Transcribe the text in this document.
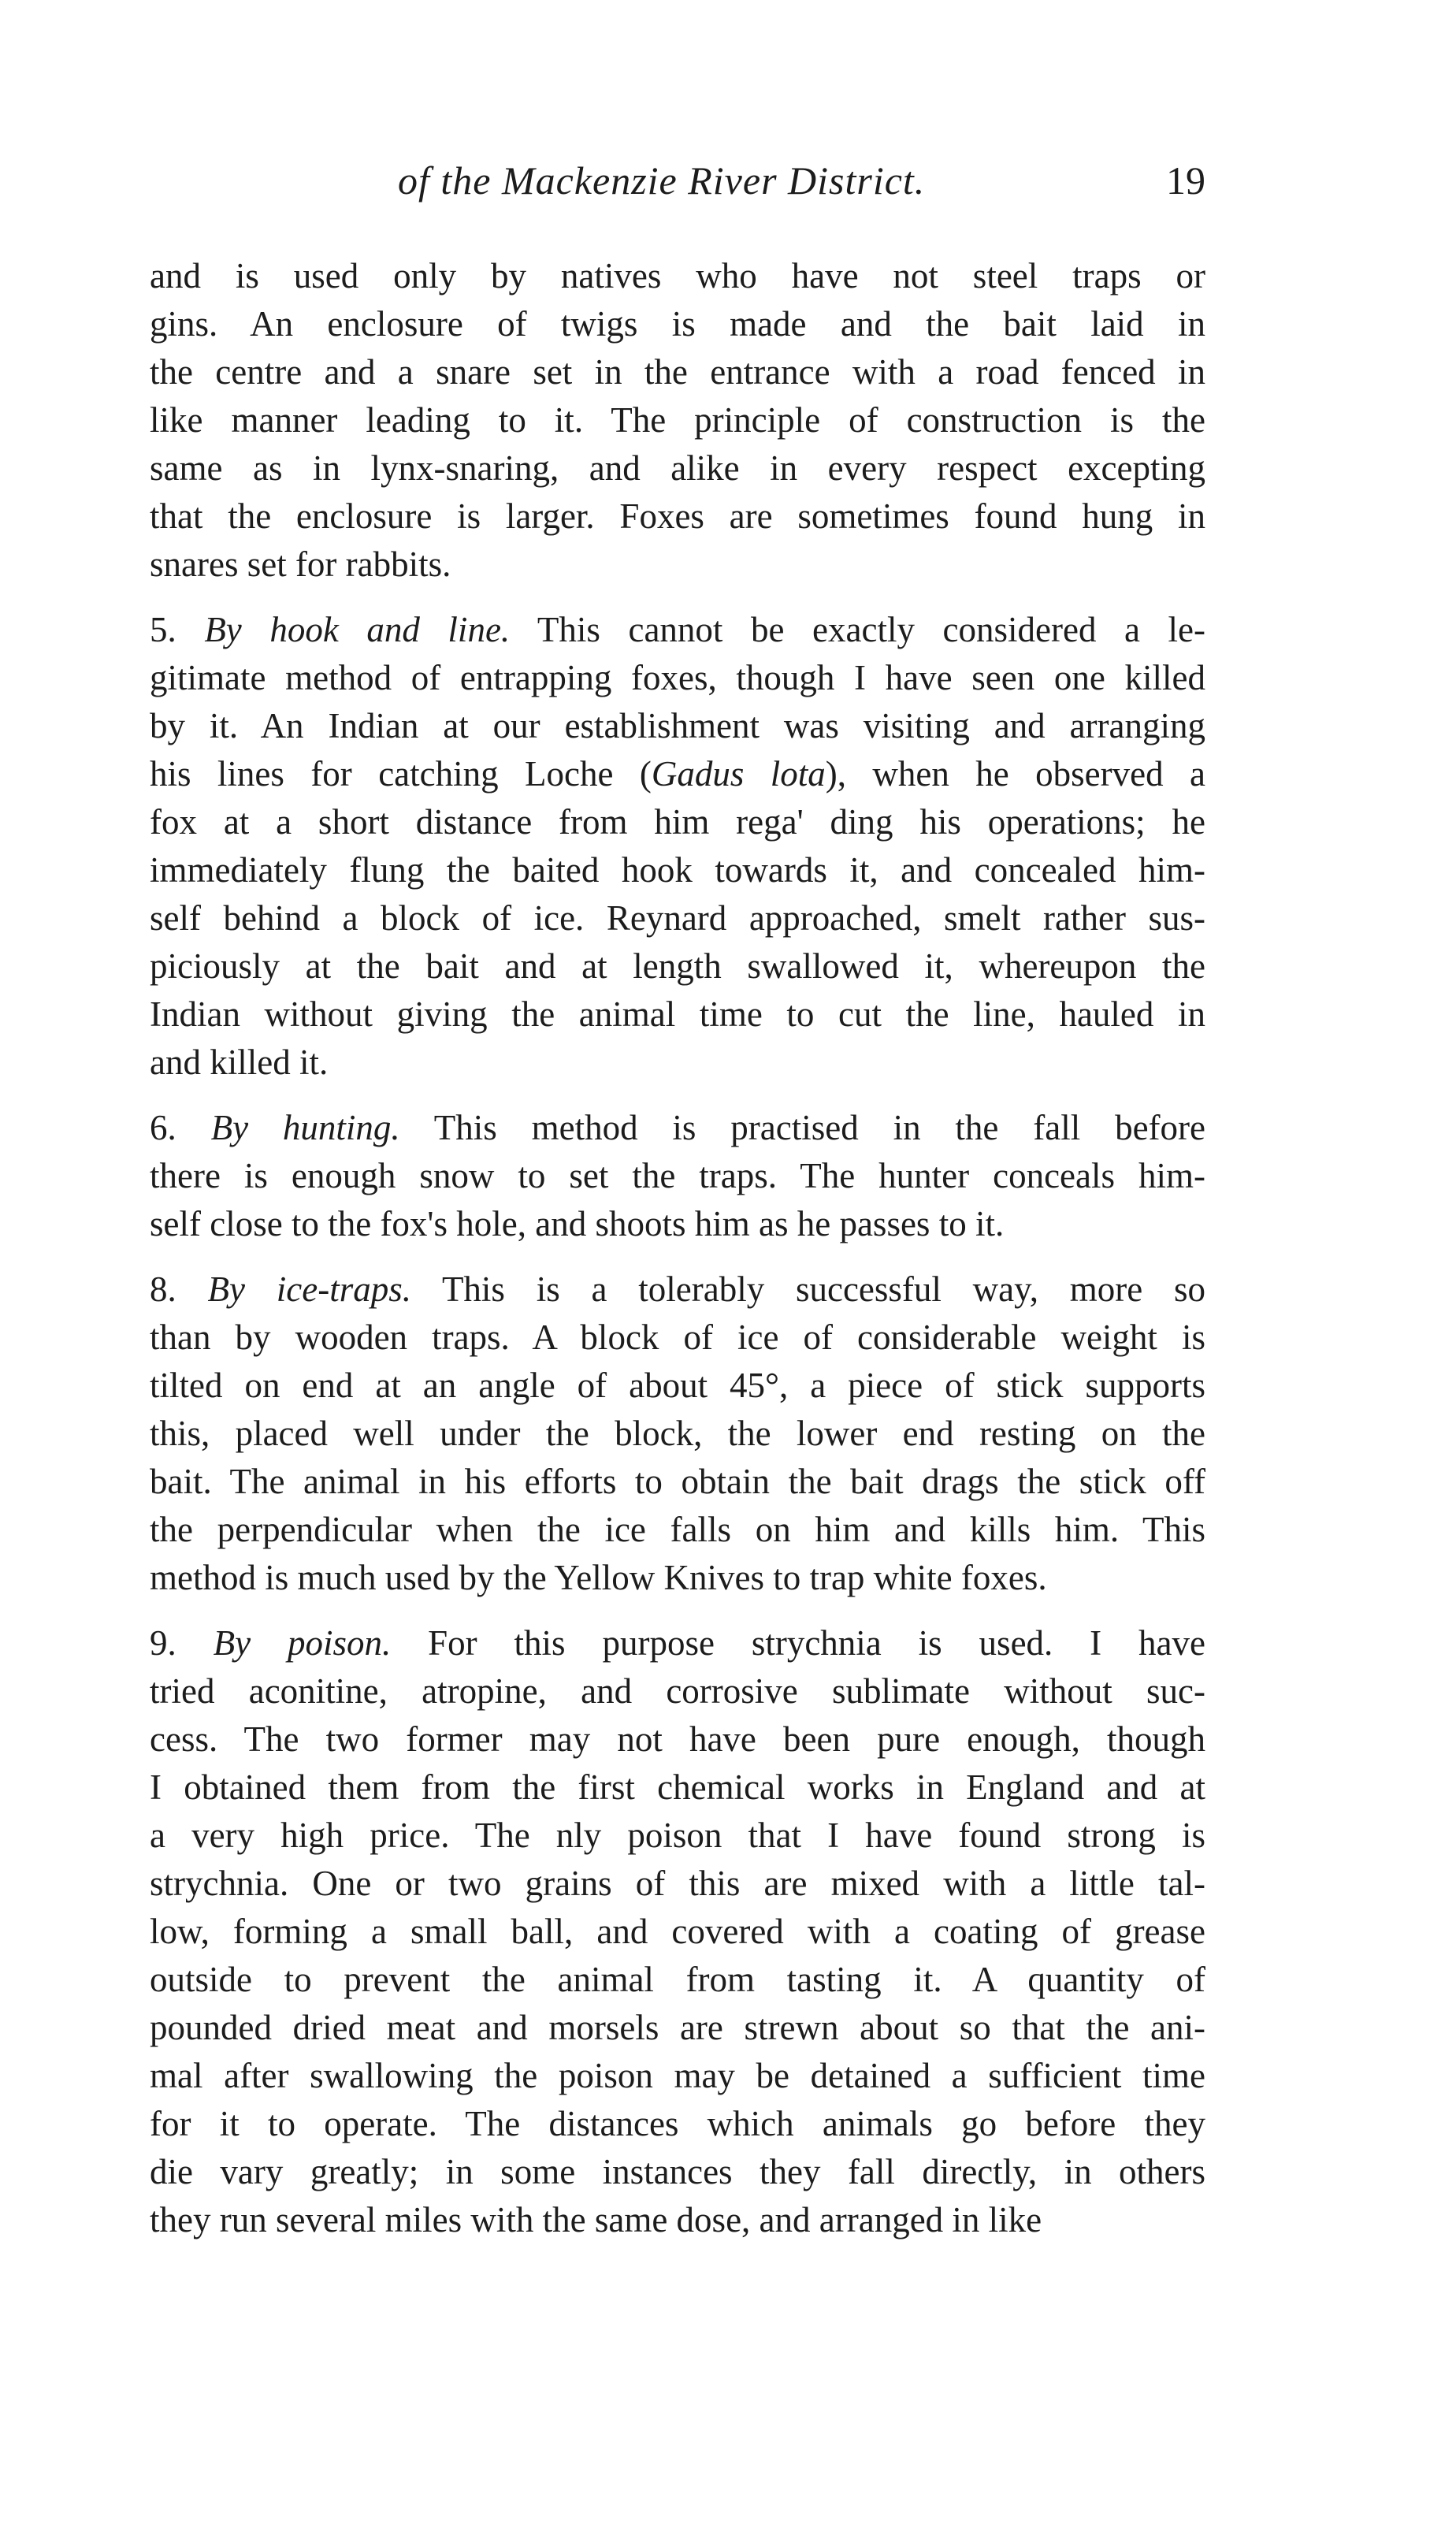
of the Mackenzie River District.	19
and is used only by natives who have not steel traps or
gins. An enclosure of twigs is made and the bait laid in
the centre and a snare set in the entrance with a road fenced in
like manner leading to it. The principle of construction is the
same as in lynx-snaring, and alike in every respect excepting
that the enclosure is larger. Foxes are sometimes found hung in
snares set for rabbits.
5. By hook and line. This cannot be exactly considered a le-
gitimate method of entrapping foxes, though I have seen one killed
by it. An Indian at our establishment was visiting and arranging
his lines for catching Loche (Gadus lota), when he observed a
fox at a short distance from him rega' ding his operations; he
immediately flung the baited hook towards it, and concealed him-
self behind a block of ice. Reynard approached, smelt rather sus-
piciously at the bait and at length swallowed it, whereupon the
Indian without giving the animal time to cut the line, hauled in
and killed it.
6. By hunting. This method is practised in the fall before
there is enough snow to set the traps. The hunter conceals him-
self close to the fox's hole, and shoots him as he passes to it.
8. By ice-traps. This is a tolerably successful way, more so
than by wooden traps. A block of ice of considerable weight is
tilted on end at an angle of about 45°, a piece of stick supports
this, placed well under the block, the lower end resting on the
bait. The animal in his efforts to obtain the bait drags the stick off
the perpendicular when the ice falls on him and kills him. This
method is much used by the Yellow Knives to trap white foxes.
9. By poison. For this purpose strychnia is used. I have
tried aconitine, atropine, and corrosive sublimate without suc-
cess. The two former may not have been pure enough, though
I obtained them from the first chemical works in England and at
a very high price. The nly poison that I have found strong is
strychnia. One or two grains of this are mixed with a little tal-
low, forming a small ball, and covered with a coating of grease
outside to prevent the animal from tasting it. A quantity of
pounded dried meat and morsels are strewn about so that the ani-
mal after swallowing the poison may be detained a sufficient time
for it to operate. The distances which animals go before they
die vary greatly; in some instances they fall directly, in others
they run several miles with the same dose, and arranged in like
